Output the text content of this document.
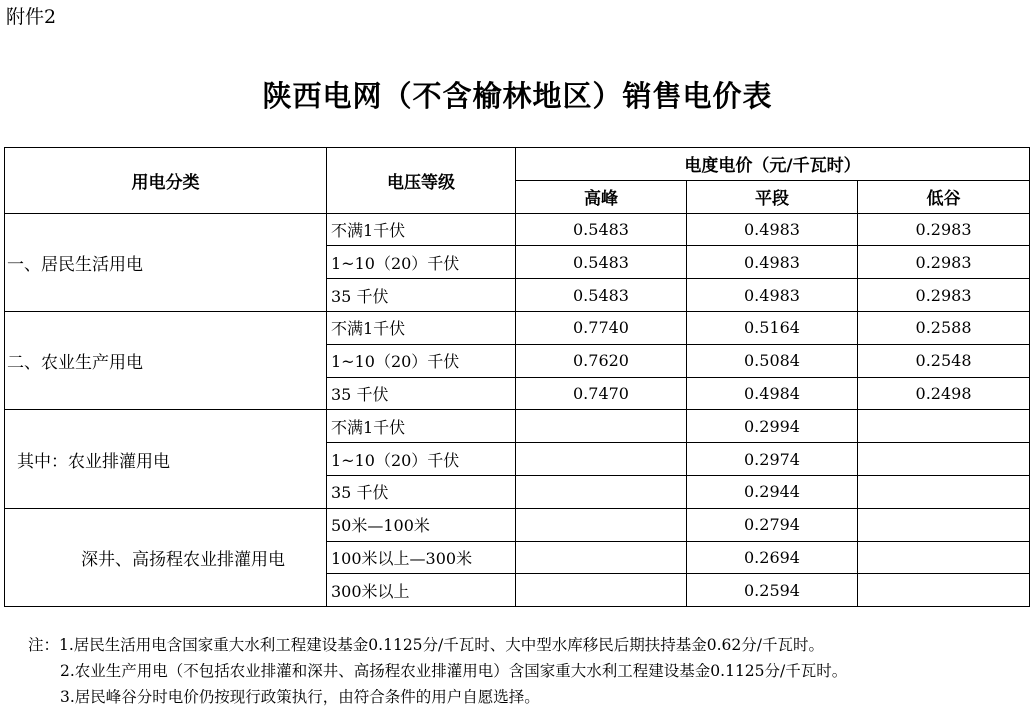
附件2
陕西电网（不含榆林地区）销售电价表
用电分类	电压等级	电度电价（元/千瓦时）		
		高峰	平段	低谷
一、居民生活用电	不满1千伏	0.5483	0.4983	0.2983
	1~10（20）千伏	0.5483	0.4983	0.2983
	35 千伏	0.5483	0.4983	0.2983
二、农业生产用电	不满1千伏	0.7740	0.5164	0.2588
	1~10（20）千伏	0.7620	0.5084	0.2548
	35 千伏	0.7470	0.4984	0.2498
其中：农业排灌用电	不满1千伏		0.2994	
	1~10（20）千伏		0.2974	
	35 千伏		0.2944	
深井、高扬程农业排灌用电	50米—100米		0.2794	
	100米以上—300米		0.2694	
	300米以上		0.2594	
注：1.居民生活用电含国家重大水利工程建设基金0.1125分/千瓦时、大中型水库移民后期扶持基金0.62分/千瓦时。
2.农业生产用电（不包括农业排灌和深井、高扬程农业排灌用电）含国家重大水利工程建设基金0.1125分/千瓦时。
3.居民峰谷分时电价仍按现行政策执行，由符合条件的用户自愿选择。
